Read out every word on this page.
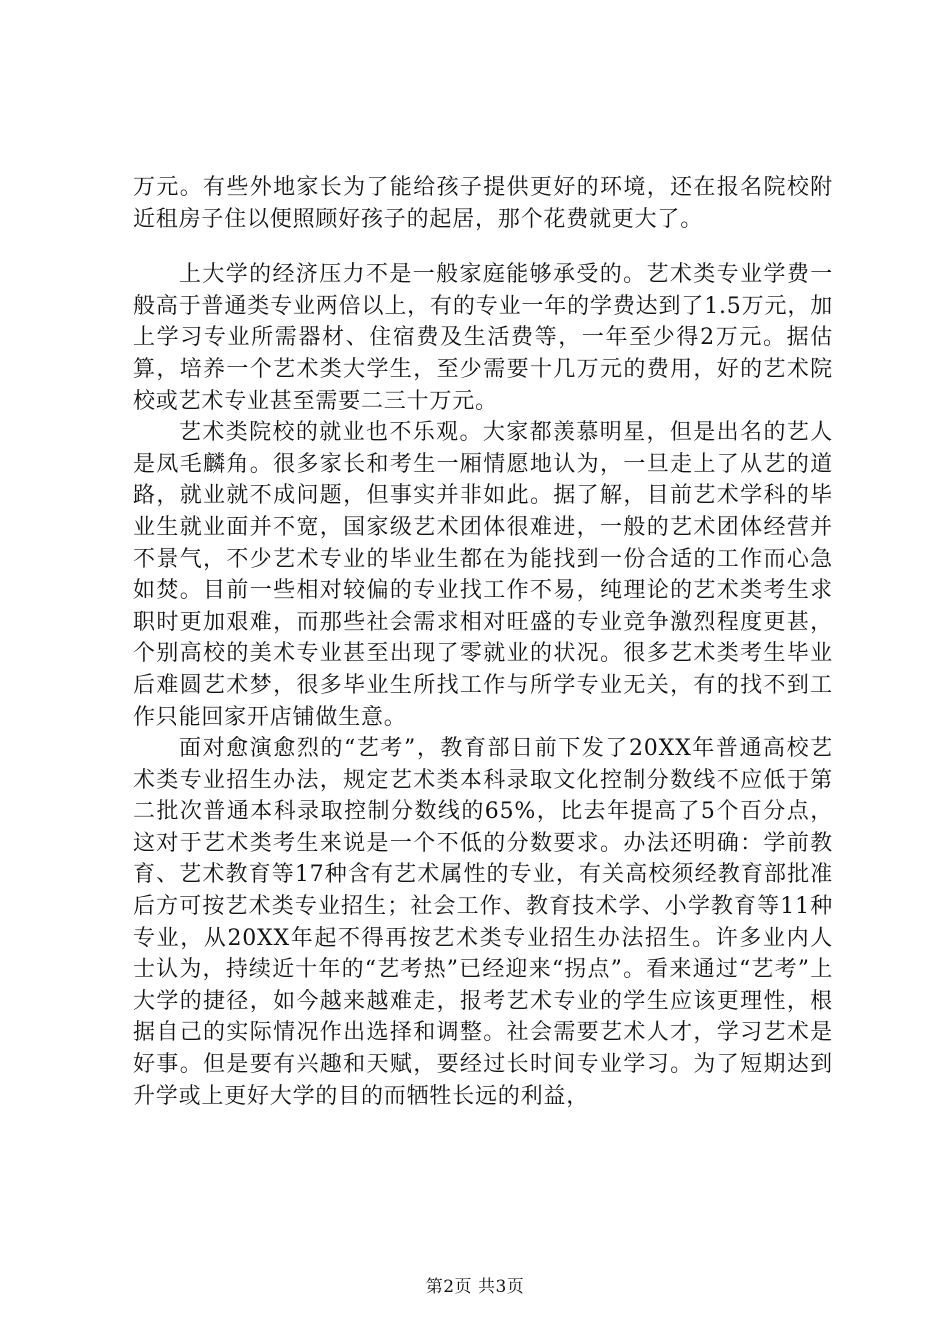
万元。有些外地家长为了能给孩子提供更好的环境，还在报名院校附近租房子住以便照顾好孩子的起居，那个花费就更大了。

上大学的经济压力不是一般家庭能够承受的。艺术类专业学费一般高于普通类专业两倍以上，有的专业一年的学费达到了1.5万元，加上学习专业所需器材、住宿费及生活费等，一年至少得2万元。据估算，培养一个艺术类大学生，至少需要十几万元的费用，好的艺术院校或艺术专业甚至需要二三十万元。

艺术类院校的就业也不乐观。大家都羡慕明星，但是出名的艺人是凤毛麟角。很多家长和考生一厢情愿地认为，一旦走上了从艺的道路，就业就不成问题，但事实并非如此。据了解，目前艺术学科的毕业生就业面并不宽，国家级艺术团体很难进，一般的艺术团体经营并不景气，不少艺术专业的毕业生都在为能找到一份合适的工作而心急如焚。目前一些相对较偏的专业找工作不易，纯理论的艺术类考生求职时更加艰难，而那些社会需求相对旺盛的专业竞争激烈程度更甚，个别高校的美术专业甚至出现了零就业的状况。很多艺术类考生毕业后难圆艺术梦，很多毕业生所找工作与所学专业无关，有的找不到工作只能回家开店铺做生意。

面对愈演愈烈的“艺考”，教育部日前下发了20XX年普通高校艺术类专业招生办法，规定艺术类本科录取文化控制分数线不应低于第二批次普通本科录取控制分数线的65%，比去年提高了5个百分点，这对于艺术类考生来说是一个不低的分数要求。办法还明确：学前教育、艺术教育等17种含有艺术属性的专业，有关高校须经教育部批准后方可按艺术类专业招生；社会工作、教育技术学、小学教育等11种专业，从20XX年起不得再按艺术类专业招生办法招生。许多业内人士认为，持续近十年的“艺考热”已经迎来“拐点”。看来通过“艺考”上大学的捷径，如今越来越难走，报考艺术专业的学生应该更理性，根据自己的实际情况作出选择和调整。社会需要艺术人才，学习艺术是好事。但是要有兴趣和天赋，要经过长时间专业学习。为了短期达到升学或上更好大学的目的而牺牲长远的利益，

第2页 共3页
